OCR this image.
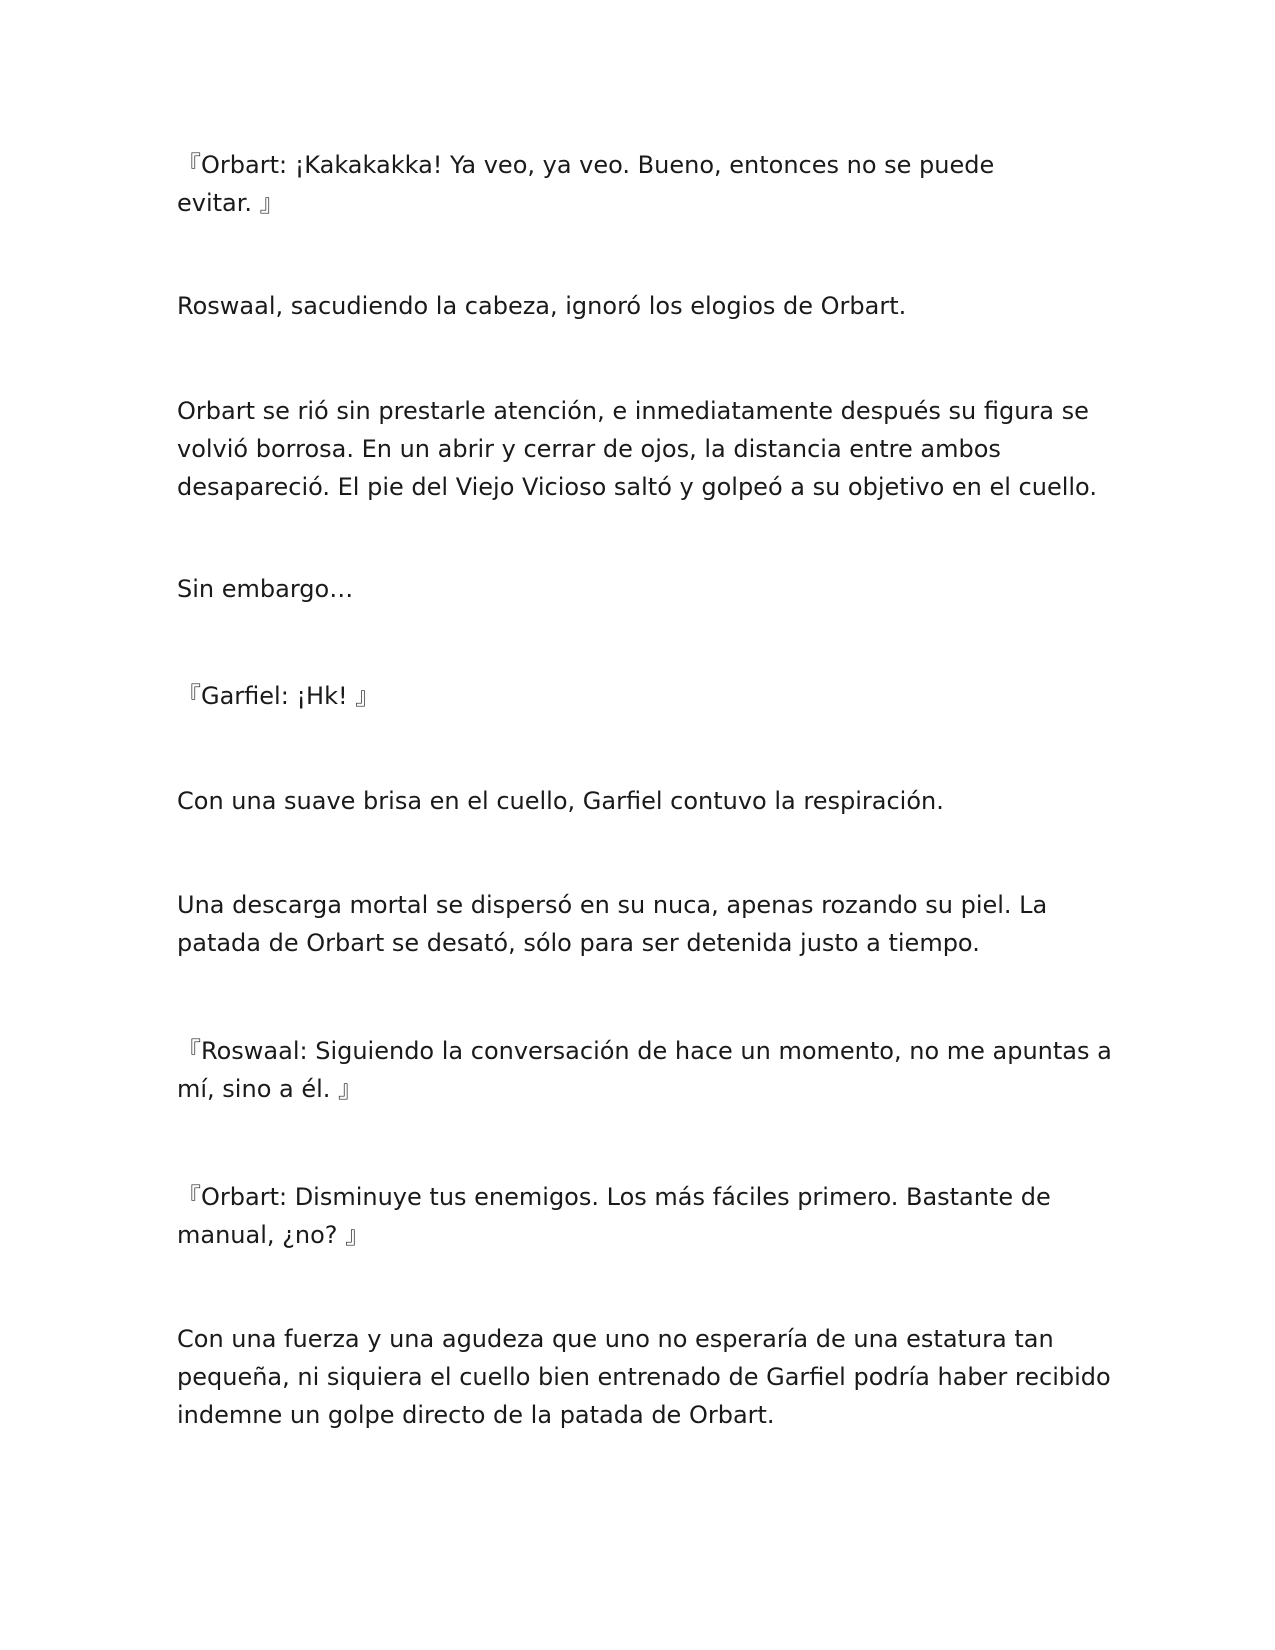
『Orbart: ¡Kakakakka! Ya veo, ya veo. Bueno, entonces no se puede
evitar. 』

Roswaal, sacudiendo la cabeza, ignoró los elogios de Orbart.

Orbart se rió sin prestarle atención, e inmediatamente después su figura se
volvió borrosa. En un abrir y cerrar de ojos, la distancia entre ambos
desapareció. El pie del Viejo Vicioso saltó y golpeó a su objetivo en el cuello.

Sin embargo…

『Garfiel: ¡Hk! 』

Con una suave brisa en el cuello, Garfiel contuvo la respiración.

Una descarga mortal se dispersó en su nuca, apenas rozando su piel. La
patada de Orbart se desató, sólo para ser detenida justo a tiempo.

『Roswaal: Siguiendo la conversación de hace un momento, no me apuntas a
mí, sino a él. 』

『Orbart: Disminuye tus enemigos. Los más fáciles primero. Bastante de
manual, ¿no? 』

Con una fuerza y una agudeza que uno no esperaría de una estatura tan
pequeña, ni siquiera el cuello bien entrenado de Garfiel podría haber recibido
indemne un golpe directo de la patada de Orbart.
